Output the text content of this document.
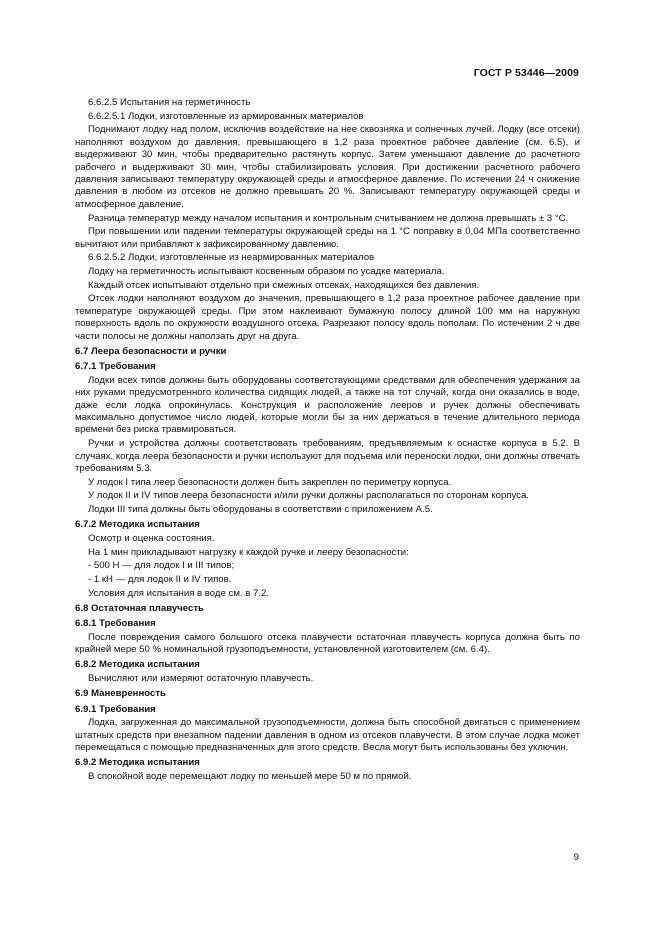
ГОСТ Р 53446—2009

6.6.2.5 Испытания на герметичность

6.6.2.5.1 Лодки, изготовленные из армированных материалов

Поднимают лодку над полом, исключив воздействие на нее сквозняка и солнечных лучей. Лодку (все отсеки) наполняют воздухом до давления, превышающего в 1,2 раза проектное рабочее давление (см. 6.5), и выдерживают 30 мин, чтобы предварительно растянуть корпус. Затем уменьшают давление до расчетного рабочего и выдерживают 30 мин, чтобы стабилизировать условия. При достижении расчетного рабочего давления записывают температуру окружающей среды и атмосферное давление. По истечении 24 ч снижение давления в любом из отсеков не должно превышать 20 %. Записывают температуру окружающей среды и атмосферное давление.

Разница температур между началом испытания и контрольным считыванием не должна превышать ± 3 °С.

При повышении или падении температуры окружающей среды на 1 °С поправку в 0,04 МПа соответственно вычитают или прибавляют к зафиксированному давлению.

6.6.2.5.2 Лодки, изготовленные из неармированных материалов

Лодку на герметичность испытывают косвенным образом по усадке материала.

Каждый отсек испытывают отдельно при смежных отсеках, находящихся без давления.

Отсек лодки наполняют воздухом до значения, превышающего в 1,2 раза проектное рабочее давление при температуре окружающей среды. При этом наклеивают бумажную полосу длиной 100 мм на наружную поверхность вдоль по окружности воздушного отсека. Разрезают полосу вдоль пополам. По истечении 2 ч две части полосы не должны наползать друг на друга.

6.7 Леера безопасности и ручки

6.7.1 Требования

Лодки всех типов должны быть оборудованы соответствующими средствами для обеспечения удержания за них руками предусмотренного количества сидящих людей, а также на тот случай, когда они оказались в воде, даже если лодка опрокинулась. Конструкция и расположение лееров и ручек должны обеспечивать максимально допустимое число людей, которые могли бы за них держаться в течение длительного периода времени без риска травмироваться.

Ручки и устройства должны соответствовать требованиям, предъявляемым к оснастке корпуса в 5.2. В случаях, когда леера безопасности и ручки используют для подъема или переноски лодки, они должны отвечать требованиям 5.3.

У лодок I типа леер безопасности должен быть закреплен по периметру корпуса.

У лодок II и IV типов леера безопасности и/или ручки должны располагаться по сторонам корпуса.

Лодки III типа должны быть оборудованы в соответствии с приложением А.5.

6.7.2 Методика испытания

Осмотр и оценка состояния.

На 1 мин прикладывают нагрузку к каждой ручке и лееру безопасности:

- 500 Н — для лодок I и III типов;

- 1 кН — для лодок II и IV типов.

Условия для испытания в воде см. в 7.2.

6.8 Остаточная плавучесть

6.8.1 Требования

После повреждения самого большого отсека плавучести остаточная плавучесть корпуса должна быть по крайней мере 50 % номинальной грузоподъемности, установленной изготовителем (см. 6.4).

6.8.2 Методика испытания

Вычисляют или измеряют остаточную плавучесть.

6.9 Маневренность

6.9.1 Требования

Лодка, загруженная до максимальной грузоподъемности, должна быть способной двигаться с применением штатных средств при внезапном падении давления в одном из отсеков плавучести. В этом случае лодка может перемещаться с помощью предназначенных для этого средств. Весла могут быть использованы без уключин.

6.9.2 Методика испытания

В спокойной воде перемещают лодку по меньшей мере 50 м по прямой.

9
